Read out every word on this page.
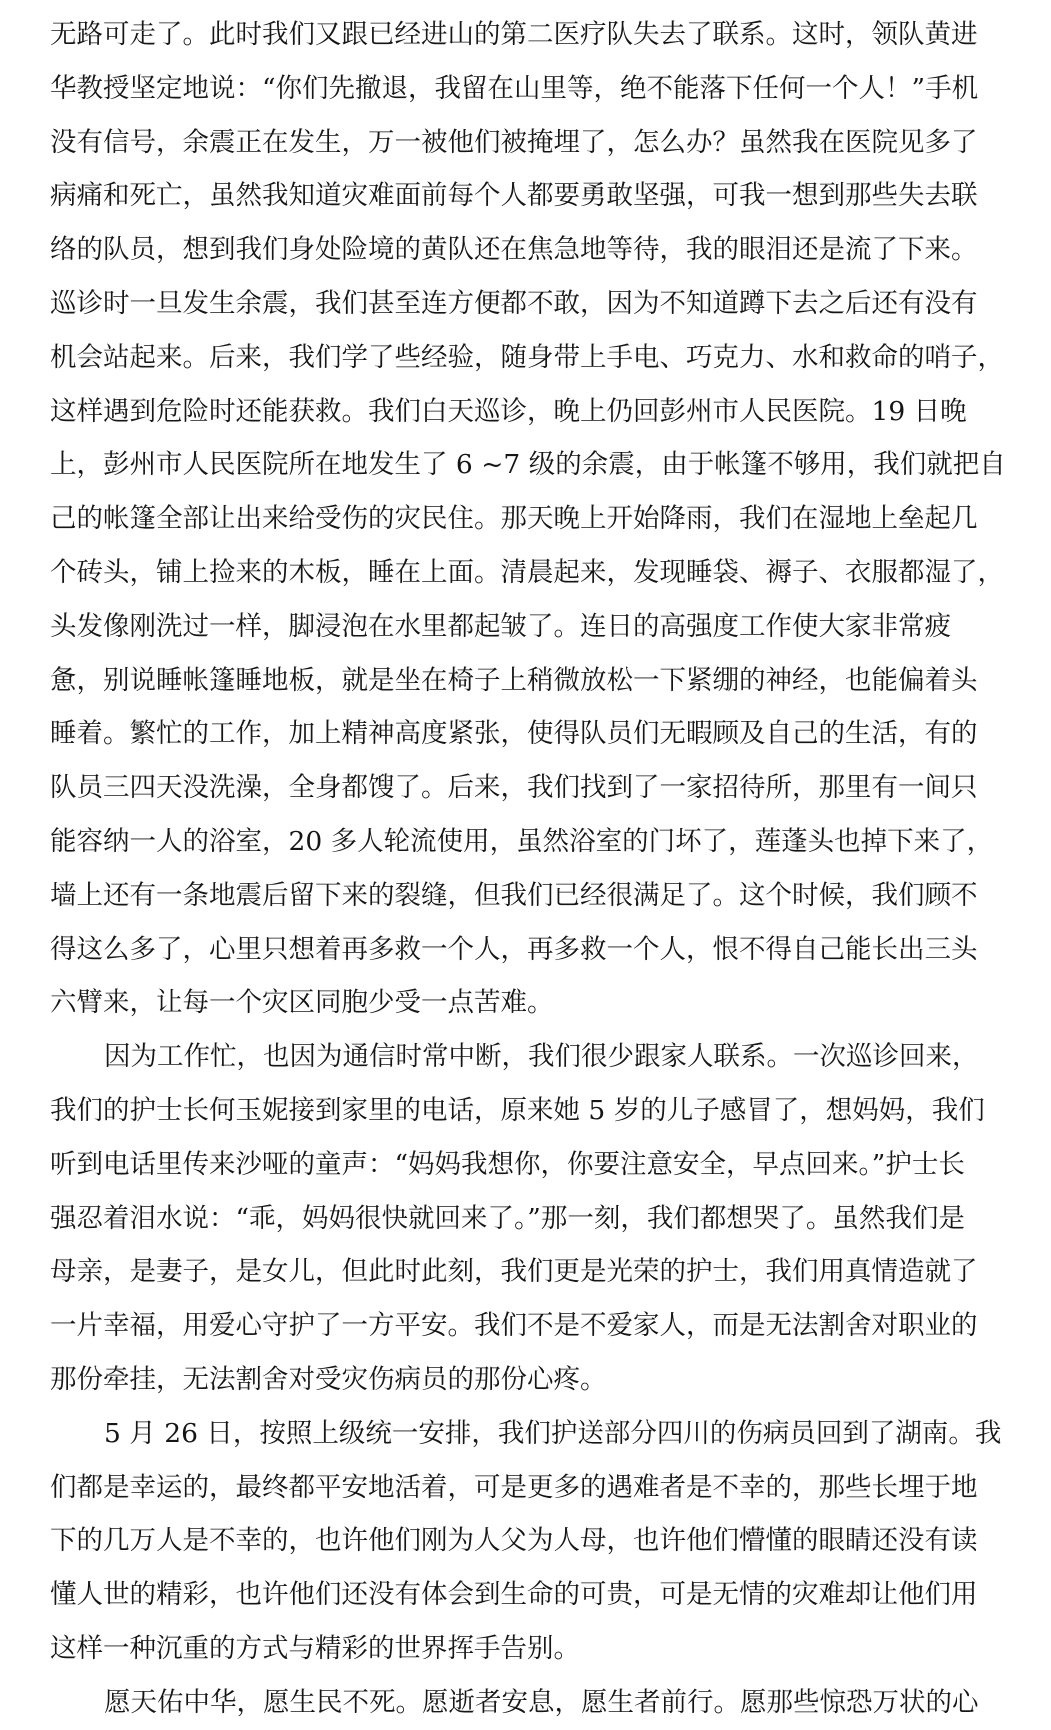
无路可走了。此时我们又跟已经进山的第二医疗队失去了联系。这时，领队黄进
华教授坚定地说：“你们先撤退，我留在山里等，绝不能落下任何一个人！”手机
没有信号，余震正在发生，万一被他们被掩埋了，怎么办？虽然我在医院见多了
病痛和死亡，虽然我知道灾难面前每个人都要勇敢坚强，可我一想到那些失去联
络的队员，想到我们身处险境的黄队还在焦急地等待，我的眼泪还是流了下来。
巡诊时一旦发生余震，我们甚至连方便都不敢，因为不知道蹲下去之后还有没有
机会站起来。后来，我们学了些经验，随身带上手电、巧克力、水和救命的哨子，
这样遇到危险时还能获救。我们白天巡诊，晚上仍回彭州市人民医院。19 日晚
上，彭州市人民医院所在地发生了 6 ~7 级的余震，由于帐篷不够用，我们就把自
己的帐篷全部让出来给受伤的灾民住。那天晚上开始降雨，我们在湿地上垒起几
个砖头，铺上捡来的木板，睡在上面。清晨起来，发现睡袋、褥子、衣服都湿了，
头发像刚洗过一样，脚浸泡在水里都起皱了。连日的高强度工作使大家非常疲
惫，别说睡帐篷睡地板，就是坐在椅子上稍微放松一下紧绷的神经，也能偏着头
睡着。繁忙的工作，加上精神高度紧张，使得队员们无暇顾及自己的生活，有的
队员三四天没洗澡，全身都馊了。后来，我们找到了一家招待所，那里有一间只
能容纳一人的浴室，20 多人轮流使用，虽然浴室的门坏了，莲蓬头也掉下来了，
墙上还有一条地震后留下来的裂缝，但我们已经很满足了。这个时候，我们顾不
得这么多了，心里只想着再多救一个人，再多救一个人，恨不得自己能长出三头
六臂来，让每一个灾区同胞少受一点苦难。

因为工作忙，也因为通信时常中断，我们很少跟家人联系。一次巡诊回来，
我们的护士长何玉妮接到家里的电话，原来她 5 岁的儿子感冒了，想妈妈，我们
听到电话里传来沙哑的童声：“妈妈我想你，你要注意安全，早点回来。”护士长
强忍着泪水说：“乖，妈妈很快就回来了。”那一刻，我们都想哭了。虽然我们是
母亲，是妻子，是女儿，但此时此刻，我们更是光荣的护士，我们用真情造就了
一片幸福，用爱心守护了一方平安。我们不是不爱家人，而是无法割舍对职业的
那份牵挂，无法割舍对受灾伤病员的那份心疼。

5 月 26 日，按照上级统一安排，我们护送部分四川的伤病员回到了湖南。我
们都是幸运的，最终都平安地活着，可是更多的遇难者是不幸的，那些长埋于地
下的几万人是不幸的，也许他们刚为人父为人母，也许他们懵懂的眼睛还没有读
懂人世的精彩，也许他们还没有体会到生命的可贵，可是无情的灾难却让他们用
这样一种沉重的方式与精彩的世界挥手告别。

愿天佑中华，愿生民不死。愿逝者安息，愿生者前行。愿那些惊恐万状的心
